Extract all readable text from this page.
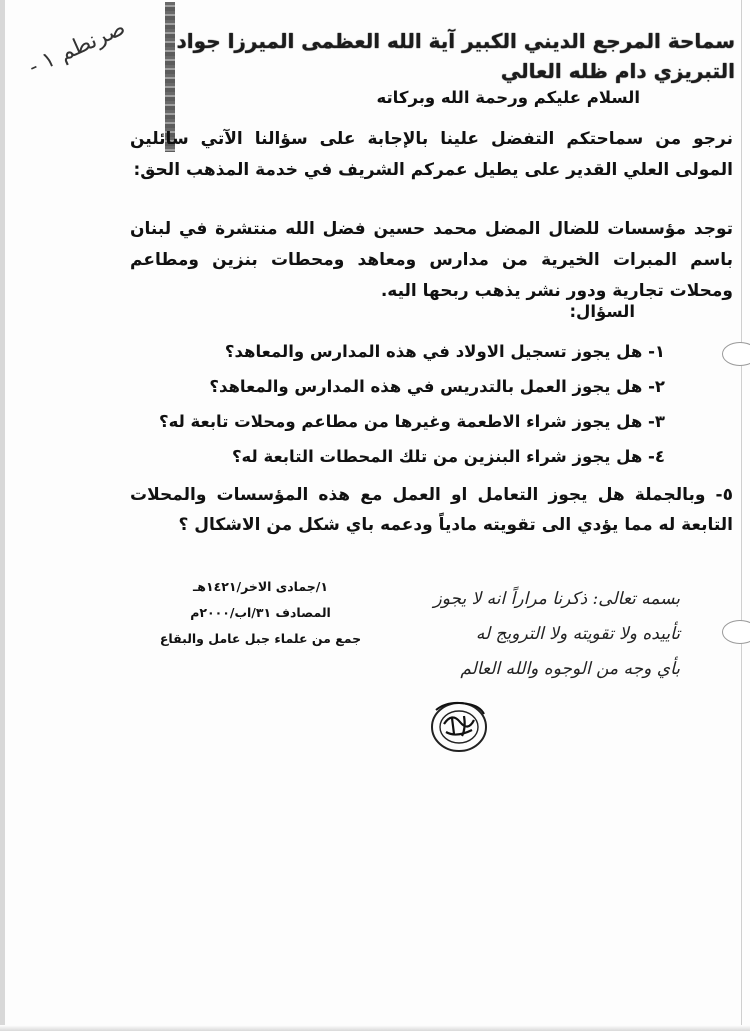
صرنطم ١ - سماحة المرجع الديني الكبير آية الله العظمى الميرزا جواد
التبريزي دام ظله العالي
السلام عليكم ورحمة الله وبركاته
نرجو من سماحتكم التفضل علينا بالإجابة على سؤالنا الآتي سائلين المولى العلي القدير على يطيل عمركم الشريف في خدمة المذهب الحق:
توجد مؤسسات للضال المضل محمد حسين فضل الله منتشرة في لبنان باسم المبرات الخيرية من مدارس ومعاهد ومحطات بنزين ومطاعم ومحلات تجارية ودور نشر يذهب ربحها اليه.
السؤال:
١- هل يجوز تسجيل الاولاد في هذه المدارس والمعاهد؟
٢- هل يجوز العمل بالتدريس في هذه المدارس والمعاهد؟
٣- هل يجوز شراء الاطعمة وغيرها من مطاعم ومحلات تابعة له؟
٤- هل يجوز شراء البنزين من تلك المحطات التابعة له؟
٥- وبالجملة هل يجوز التعامل او العمل مع هذه المؤسسات والمحلات التابعة له مما يؤدي الى تقويته مادياً ودعمه باي شكل من الاشكال ؟
١/جمادى الاخر/١٤٢١هـ
المصادف ٣١/اب/٢٠٠٠م
جمع من علماء جبل عامل والبقاع
بسمه تعالى: ذكرنا مراراً انه لا يجوز
تأييده ولا تقويته ولا الترويج له
بأي وجه من الوجوه والله العالم
